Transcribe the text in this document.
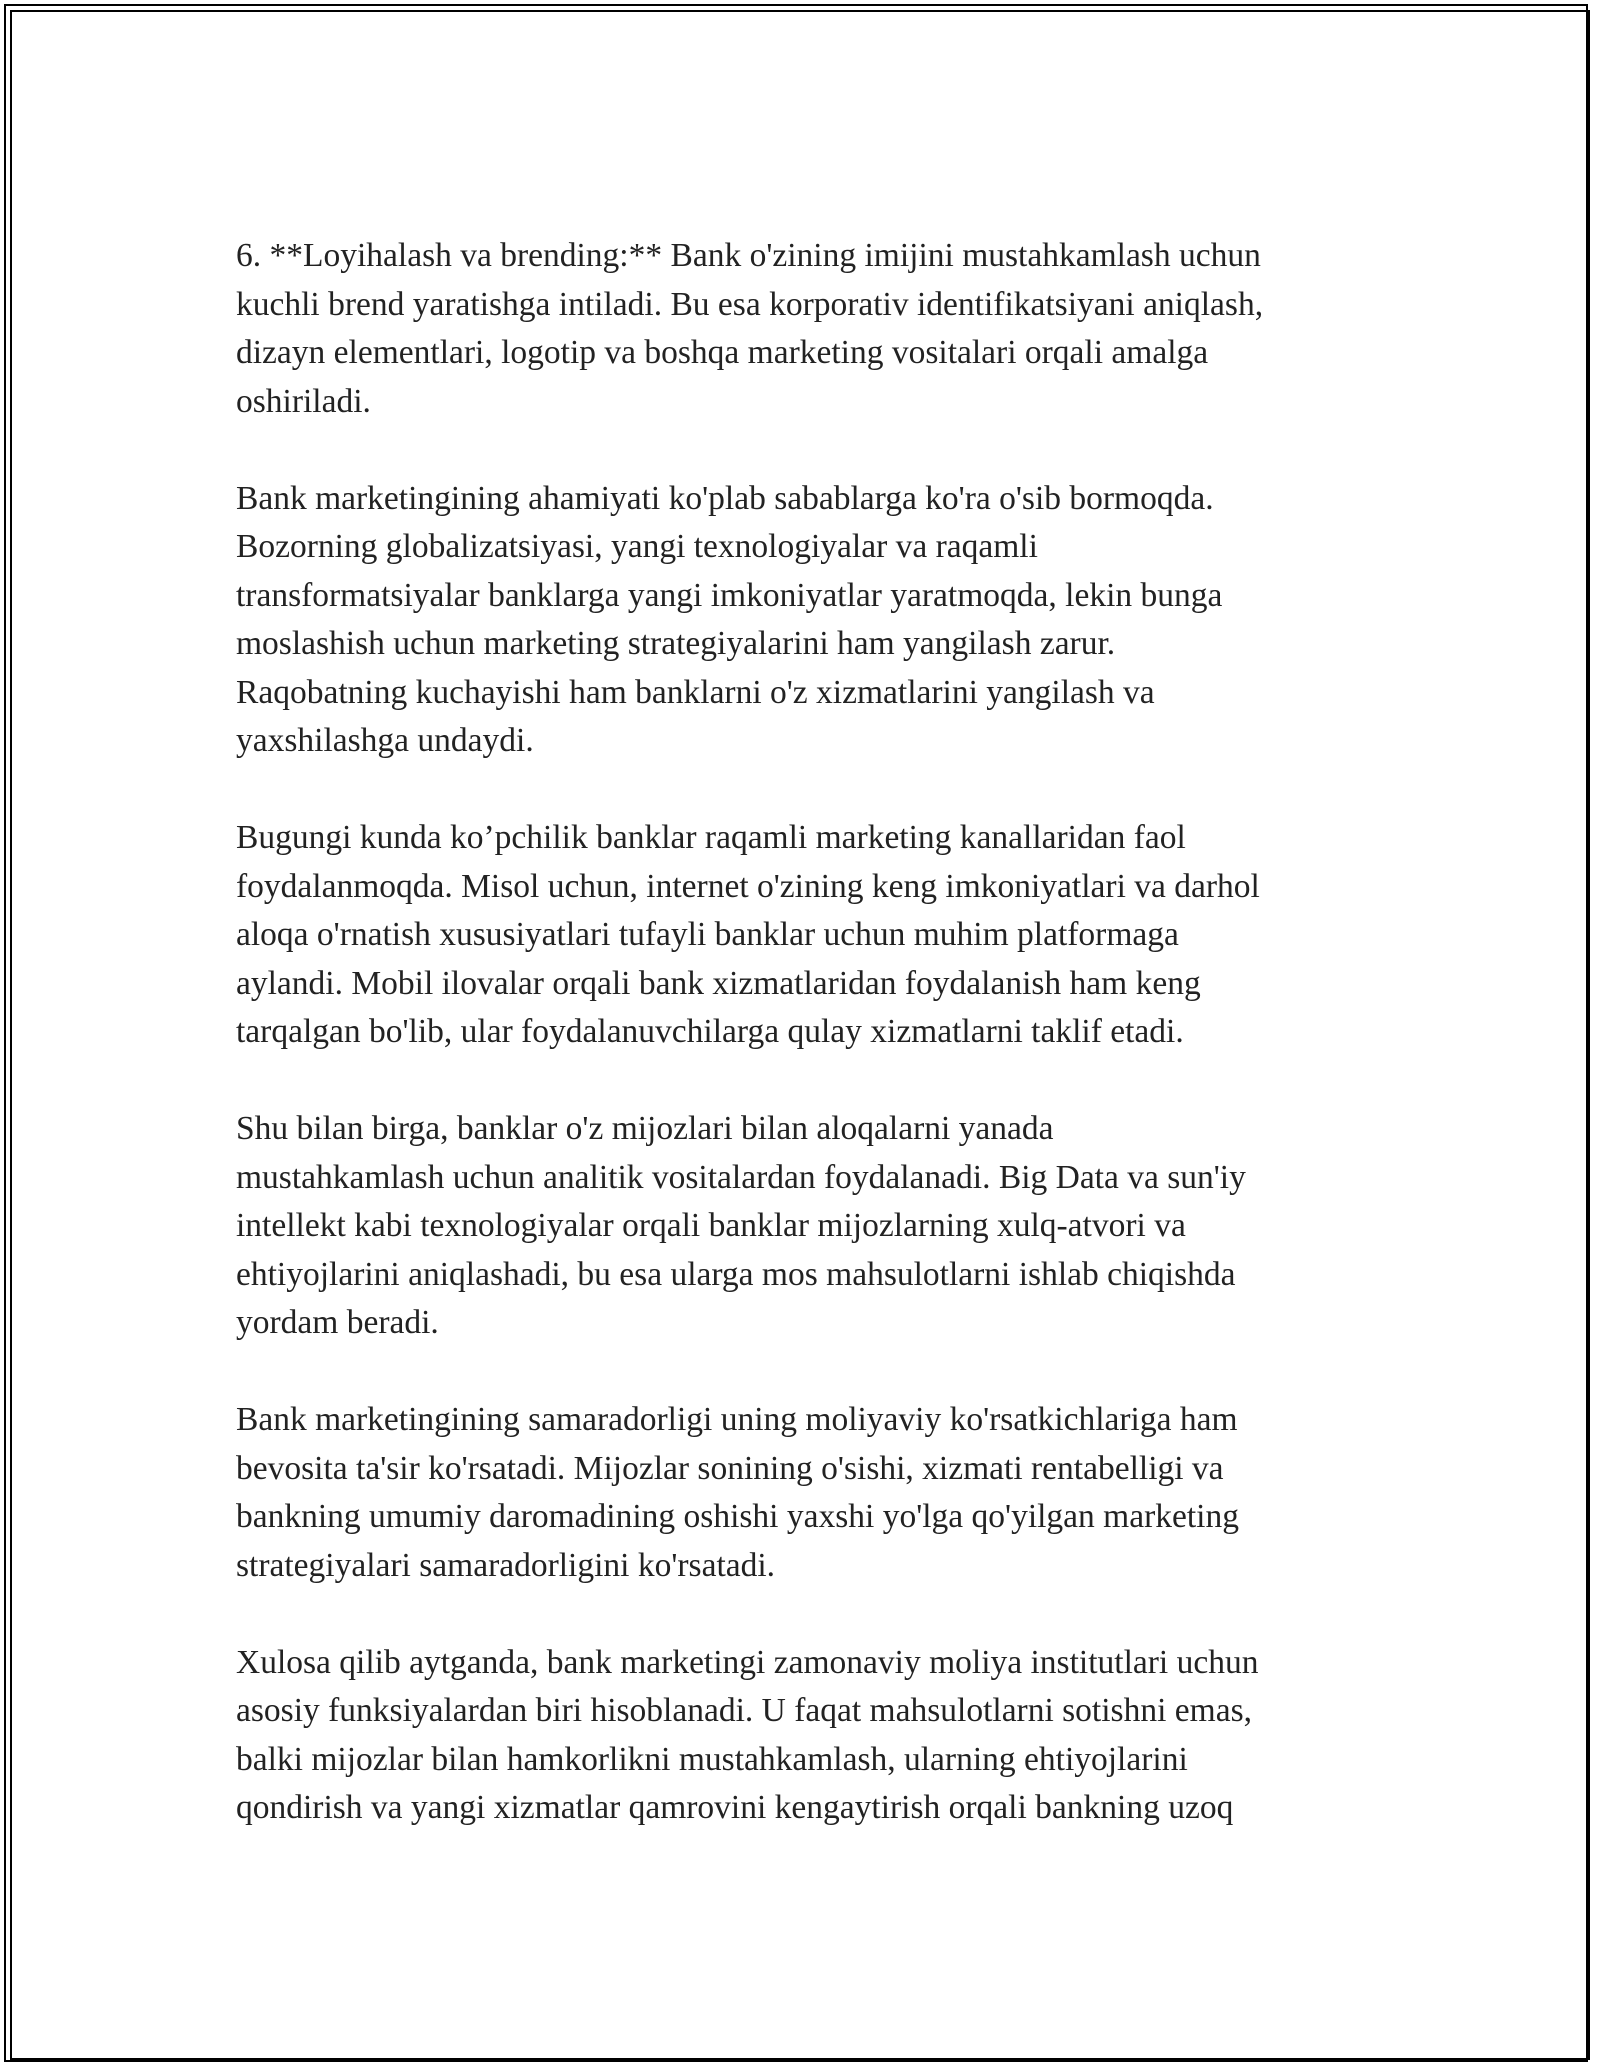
6. **Loyihalash va brending:** Bank o'zining imijini mustahkamlash uchun
kuchli brend yaratishga intiladi. Bu esa korporativ identifikatsiyani aniqlash,
dizayn elementlari, logotip va boshqa marketing vositalari orqali amalga
oshiriladi.

Bank marketingining ahamiyati ko'plab sabablarga ko'ra o'sib bormoqda.
Bozorning globalizatsiyasi, yangi texnologiyalar va raqamli
transformatsiyalar banklarga yangi imkoniyatlar yaratmoqda, lekin bunga
moslashish uchun marketing strategiyalarini ham yangilash zarur.
Raqobatning kuchayishi ham banklarni o'z xizmatlarini yangilash va
yaxshilashga undaydi.

Bugungi kunda ko’pchilik banklar raqamli marketing kanallaridan faol
foydalanmoqda. Misol uchun, internet o'zining keng imkoniyatlari va darhol
aloqa o'rnatish xususiyatlari tufayli banklar uchun muhim platformaga
aylandi. Mobil ilovalar orqali bank xizmatlaridan foydalanish ham keng
tarqalgan bo'lib, ular foydalanuvchilarga qulay xizmatlarni taklif etadi.

Shu bilan birga, banklar o'z mijozlari bilan aloqalarni yanada
mustahkamlash uchun analitik vositalardan foydalanadi. Big Data va sun'iy
intellekt kabi texnologiyalar orqali banklar mijozlarning xulq-atvori va
ehtiyojlarini aniqlashadi, bu esa ularga mos mahsulotlarni ishlab chiqishda
yordam beradi.

Bank marketingining samaradorligi uning moliyaviy ko'rsatkichlariga ham
bevosita ta'sir ko'rsatadi. Mijozlar sonining o'sishi, xizmati rentabelligi va
bankning umumiy daromadining oshishi yaxshi yo'lga qo'yilgan marketing
strategiyalari samaradorligini ko'rsatadi.

Xulosa qilib aytganda, bank marketingi zamonaviy moliya institutlari uchun
asosiy funksiyalardan biri hisoblanadi. U faqat mahsulotlarni sotishni emas,
balki mijozlar bilan hamkorlikni mustahkamlash, ularning ehtiyojlarini
qondirish va yangi xizmatlar qamrovini kengaytirish orqali bankning uzoq
